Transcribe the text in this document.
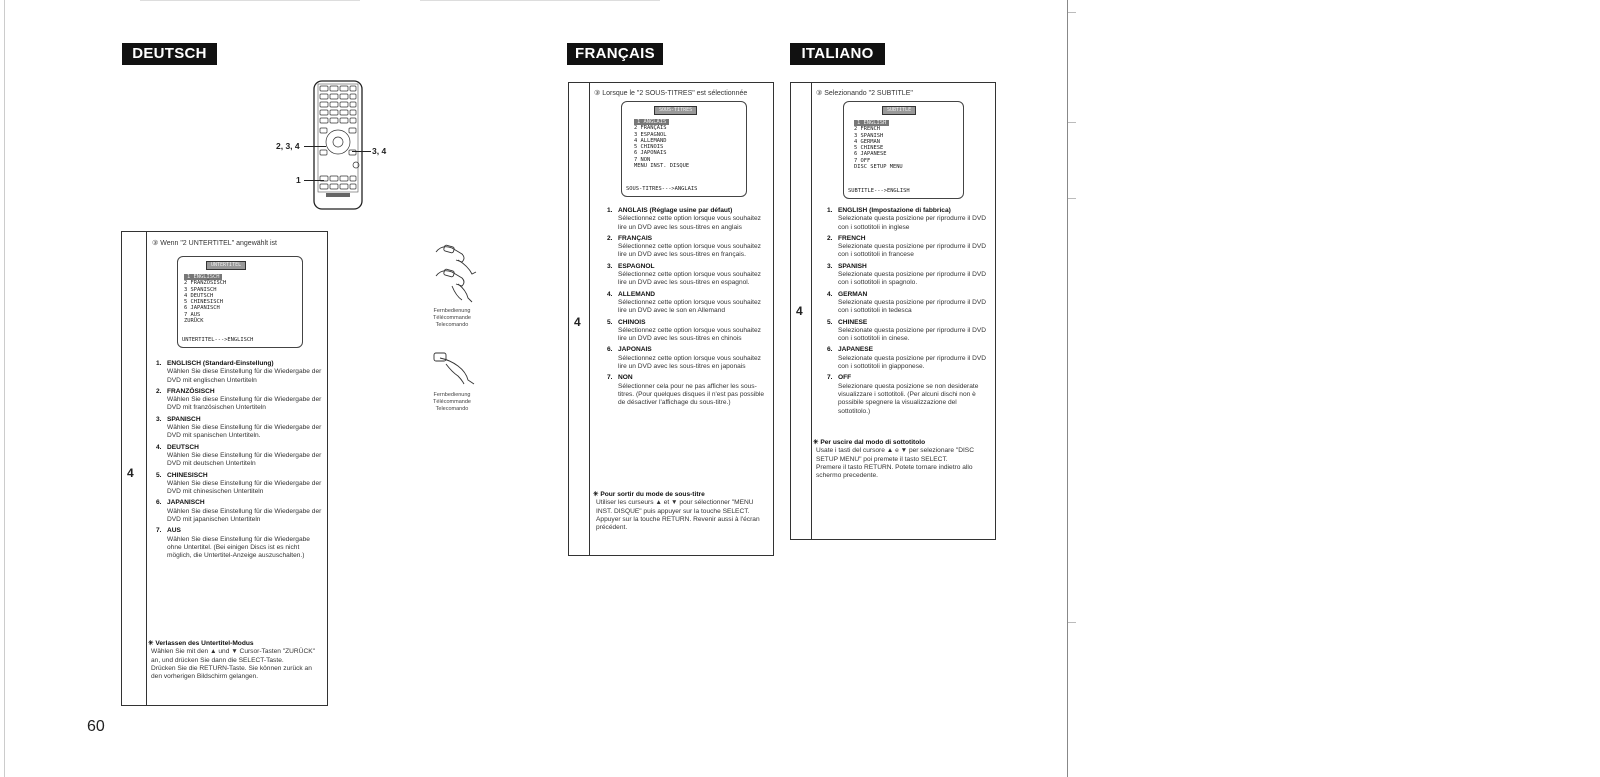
DEUTSCH
2, 3, 4	3, 4
1
4
③ Wenn "2 UNTERTITEL" angewählt ist
UNTERTITEL
1 ENGLISCH
2 FRANZÖSISCH
3 SPANISCH
4 DEUTSCH
5 CHINESISCH
6 JAPANISCH
7 AUS
ZURÜCK
UNTERTITEL--->ENGLISCH
1. ENGLISCH (Standard-Einstellung)
Wählen Sie diese Einstellung für die Wiedergabe der DVD mit englischen Untertiteln
2. FRANZÖSISCH
Wählen Sie diese Einstellung für die Wiedergabe der DVD mit französischen Untertiteln
3. SPANISCH
Wählen Sie diese Einstellung für die Wiedergabe der DVD mit spanischen Untertiteln.
4. DEUTSCH
Wählen Sie diese Einstellung für die Wiedergabe der DVD mit deutschen Untertiteln
5. CHINESISCH
Wählen Sie diese Einstellung für die Wiedergabe der DVD mit chinesischen Untertiteln
6. JAPANISCH
Wählen Sie diese Einstellung für die Wiedergabe der DVD mit japanischen Untertiteln
7. AUS
Wählen Sie diese Einstellung für die Wiedergabe ohne Untertitel. (Bei einigen Discs ist es nicht möglich, die Untertitel-Anzeige auszuschalten.)
✳ Verlassen des Untertitel-Modus
Wählen Sie mit den ▲ und ▼ Cursor-Tasten "ZURÜCK" an, und drücken Sie dann die SELECT-Taste.
Drücken Sie die RETURN-Taste. Sie können zurück an den vorherigen Bildschirm gelangen.
Fernbedienung
Télécommande
Telecomando
Fernbedienung
Télécommande
Telecomando
FRANÇAIS
4
③ Lorsque le "2 SOUS-TITRES" est sélectionnée
SOUS-TITRES
1 ANGLAIS
2 FRANÇAIS
3 ESPAGNOL
4 ALLEMAND
5 CHINOIS
6 JAPONAIS
7 NON
MENU INST. DISQUE
SOUS-TITRES--->ANGLAIS
1. ANGLAIS (Réglage usine par défaut)
Sélectionnez cette option lorsque vous souhaitez lire un DVD avec les sous-titres en anglais
2. FRANÇAIS
Sélectionnez cette option lorsque vous souhaitez lire un DVD avec les sous-titres en français.
3. ESPAGNOL
Sélectionnez cette option lorsque vous souhaitez lire un DVD avec les sous-titres en espagnol.
4. ALLEMAND
Sélectionnez cette option lorsque vous souhaitez lire un DVD avec le son en Allemand
5. CHINOIS
Sélectionnez cette option lorsque vous souhaitez lire un DVD avec les sous-titres en chinois
6. JAPONAIS
Sélectionnez cette option lorsque vous souhaitez lire un DVD avec les sous-titres en japonais
7. NON
Sélectionner cela pour ne pas afficher les sous-titres. (Pour quelques disques il n'est pas possible de désactiver l'affichage du sous-titre.)
✳ Pour sortir du mode de sous-titre
Utiliser les curseurs ▲ et ▼ pour sélectionner "MENU INST. DISQUE" puis appuyer sur la touche SELECT.
Appuyer sur la touche RETURN. Revenir aussi à l'écran précédent.
ITALIANO
4
③ Selezionando "2 SUBTITLE"
SUBTITLE
1 ENGLISH
2 FRENCH
3 SPANISH
4 GERMAN
5 CHINESE
6 JAPANESE
7 OFF
DISC SETUP MENU
SUBTITLE--->ENGLISH
1. ENGLISH (Impostazione di fabbrica)
Selezionate questa posizione per riprodurre il DVD con i sottotitoli in inglese
2. FRENCH
Selezionate questa posizione per riprodurre il DVD con i sottotitoli in francese
3. SPANISH
Selezionate questa posizione per riprodurre il DVD con i sottotitoli in spagnolo.
4. GERMAN
Selezionate questa posizione per riprodurre il DVD con i sottotitoli in tedesca
5. CHINESE
Selezionate questa posizione per riprodurre il DVD con i sottotitoli in cinese.
6. JAPANESE
Selezionate questa posizione per riprodurre il DVD con i sottotitoli in giapponese.
7. OFF
Selezionare questa posizione se non desiderate visualizzare i sottotitoli. (Per alcuni dischi non è possibile spegnere la visualizzazione del sottotitolo.)
✳ Per uscire dal modo di sottotitolo
Usate i tasti del cursore ▲ e ▼ per selezionare "DISC SETUP MENU" poi premete il tasto SELECT.
Premere il tasto RETURN. Potete tornare indietro allo schermo precedente.
60
